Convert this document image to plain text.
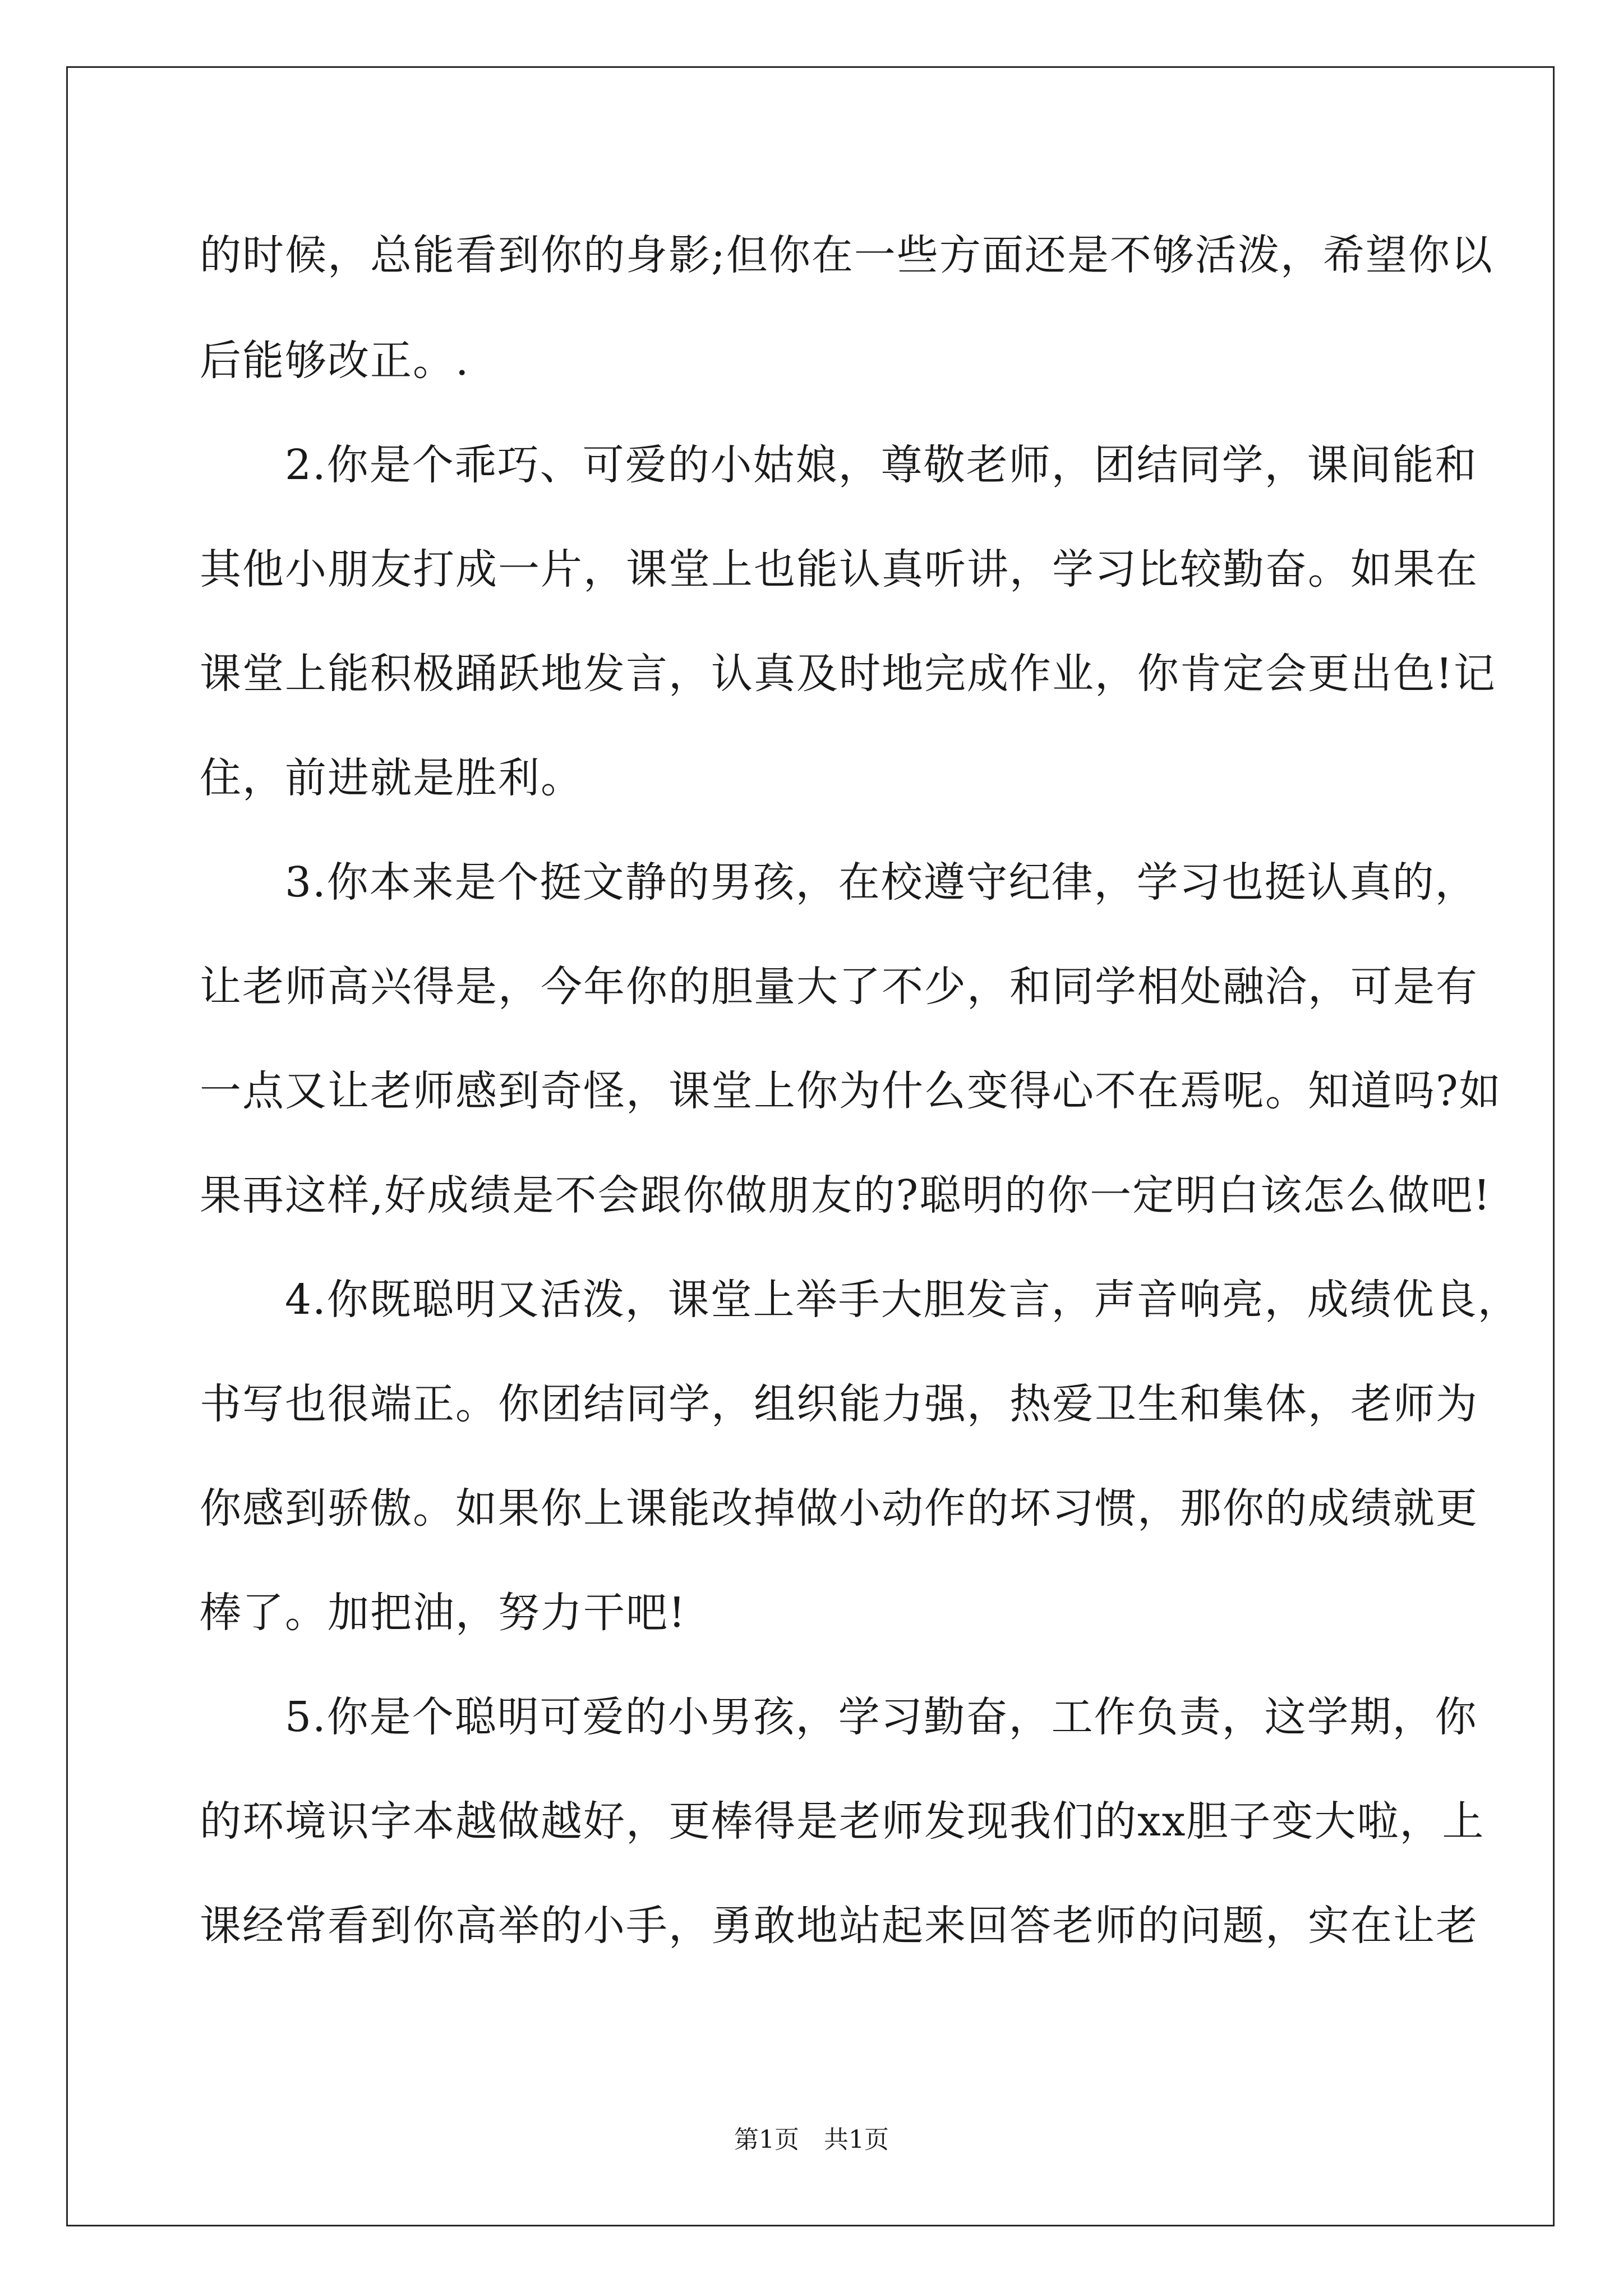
的时候，总能看到你的身影;但你在一些方面还是不够活泼，希望你以
后能够改正。.
　　2.你是个乖巧、可爱的小姑娘，尊敬老师，团结同学，课间能和
其他小朋友打成一片，课堂上也能认真听讲，学习比较勤奋。如果在
课堂上能积极踊跃地发言，认真及时地完成作业，你肯定会更出色!记
住，前进就是胜利。
　　3.你本来是个挺文静的男孩，在校遵守纪律，学习也挺认真的，
让老师高兴得是，今年你的胆量大了不少，和同学相处融洽，可是有
一点又让老师感到奇怪，课堂上你为什么变得心不在焉呢。知道吗?如
果再这样,好成绩是不会跟你做朋友的?聪明的你一定明白该怎么做吧!
　　4.你既聪明又活泼，课堂上举手大胆发言，声音响亮，成绩优良，
书写也很端正。你团结同学，组织能力强，热爱卫生和集体，老师为
你感到骄傲。如果你上课能改掉做小动作的坏习惯，那你的成绩就更
棒了。加把油，努力干吧!
　　5.你是个聪明可爱的小男孩，学习勤奋，工作负责，这学期，你
的环境识字本越做越好，更棒得是老师发现我们的xx胆子变大啦，上
课经常看到你高举的小手，勇敢地站起来回答老师的问题，实在让老
第1页 共1页
